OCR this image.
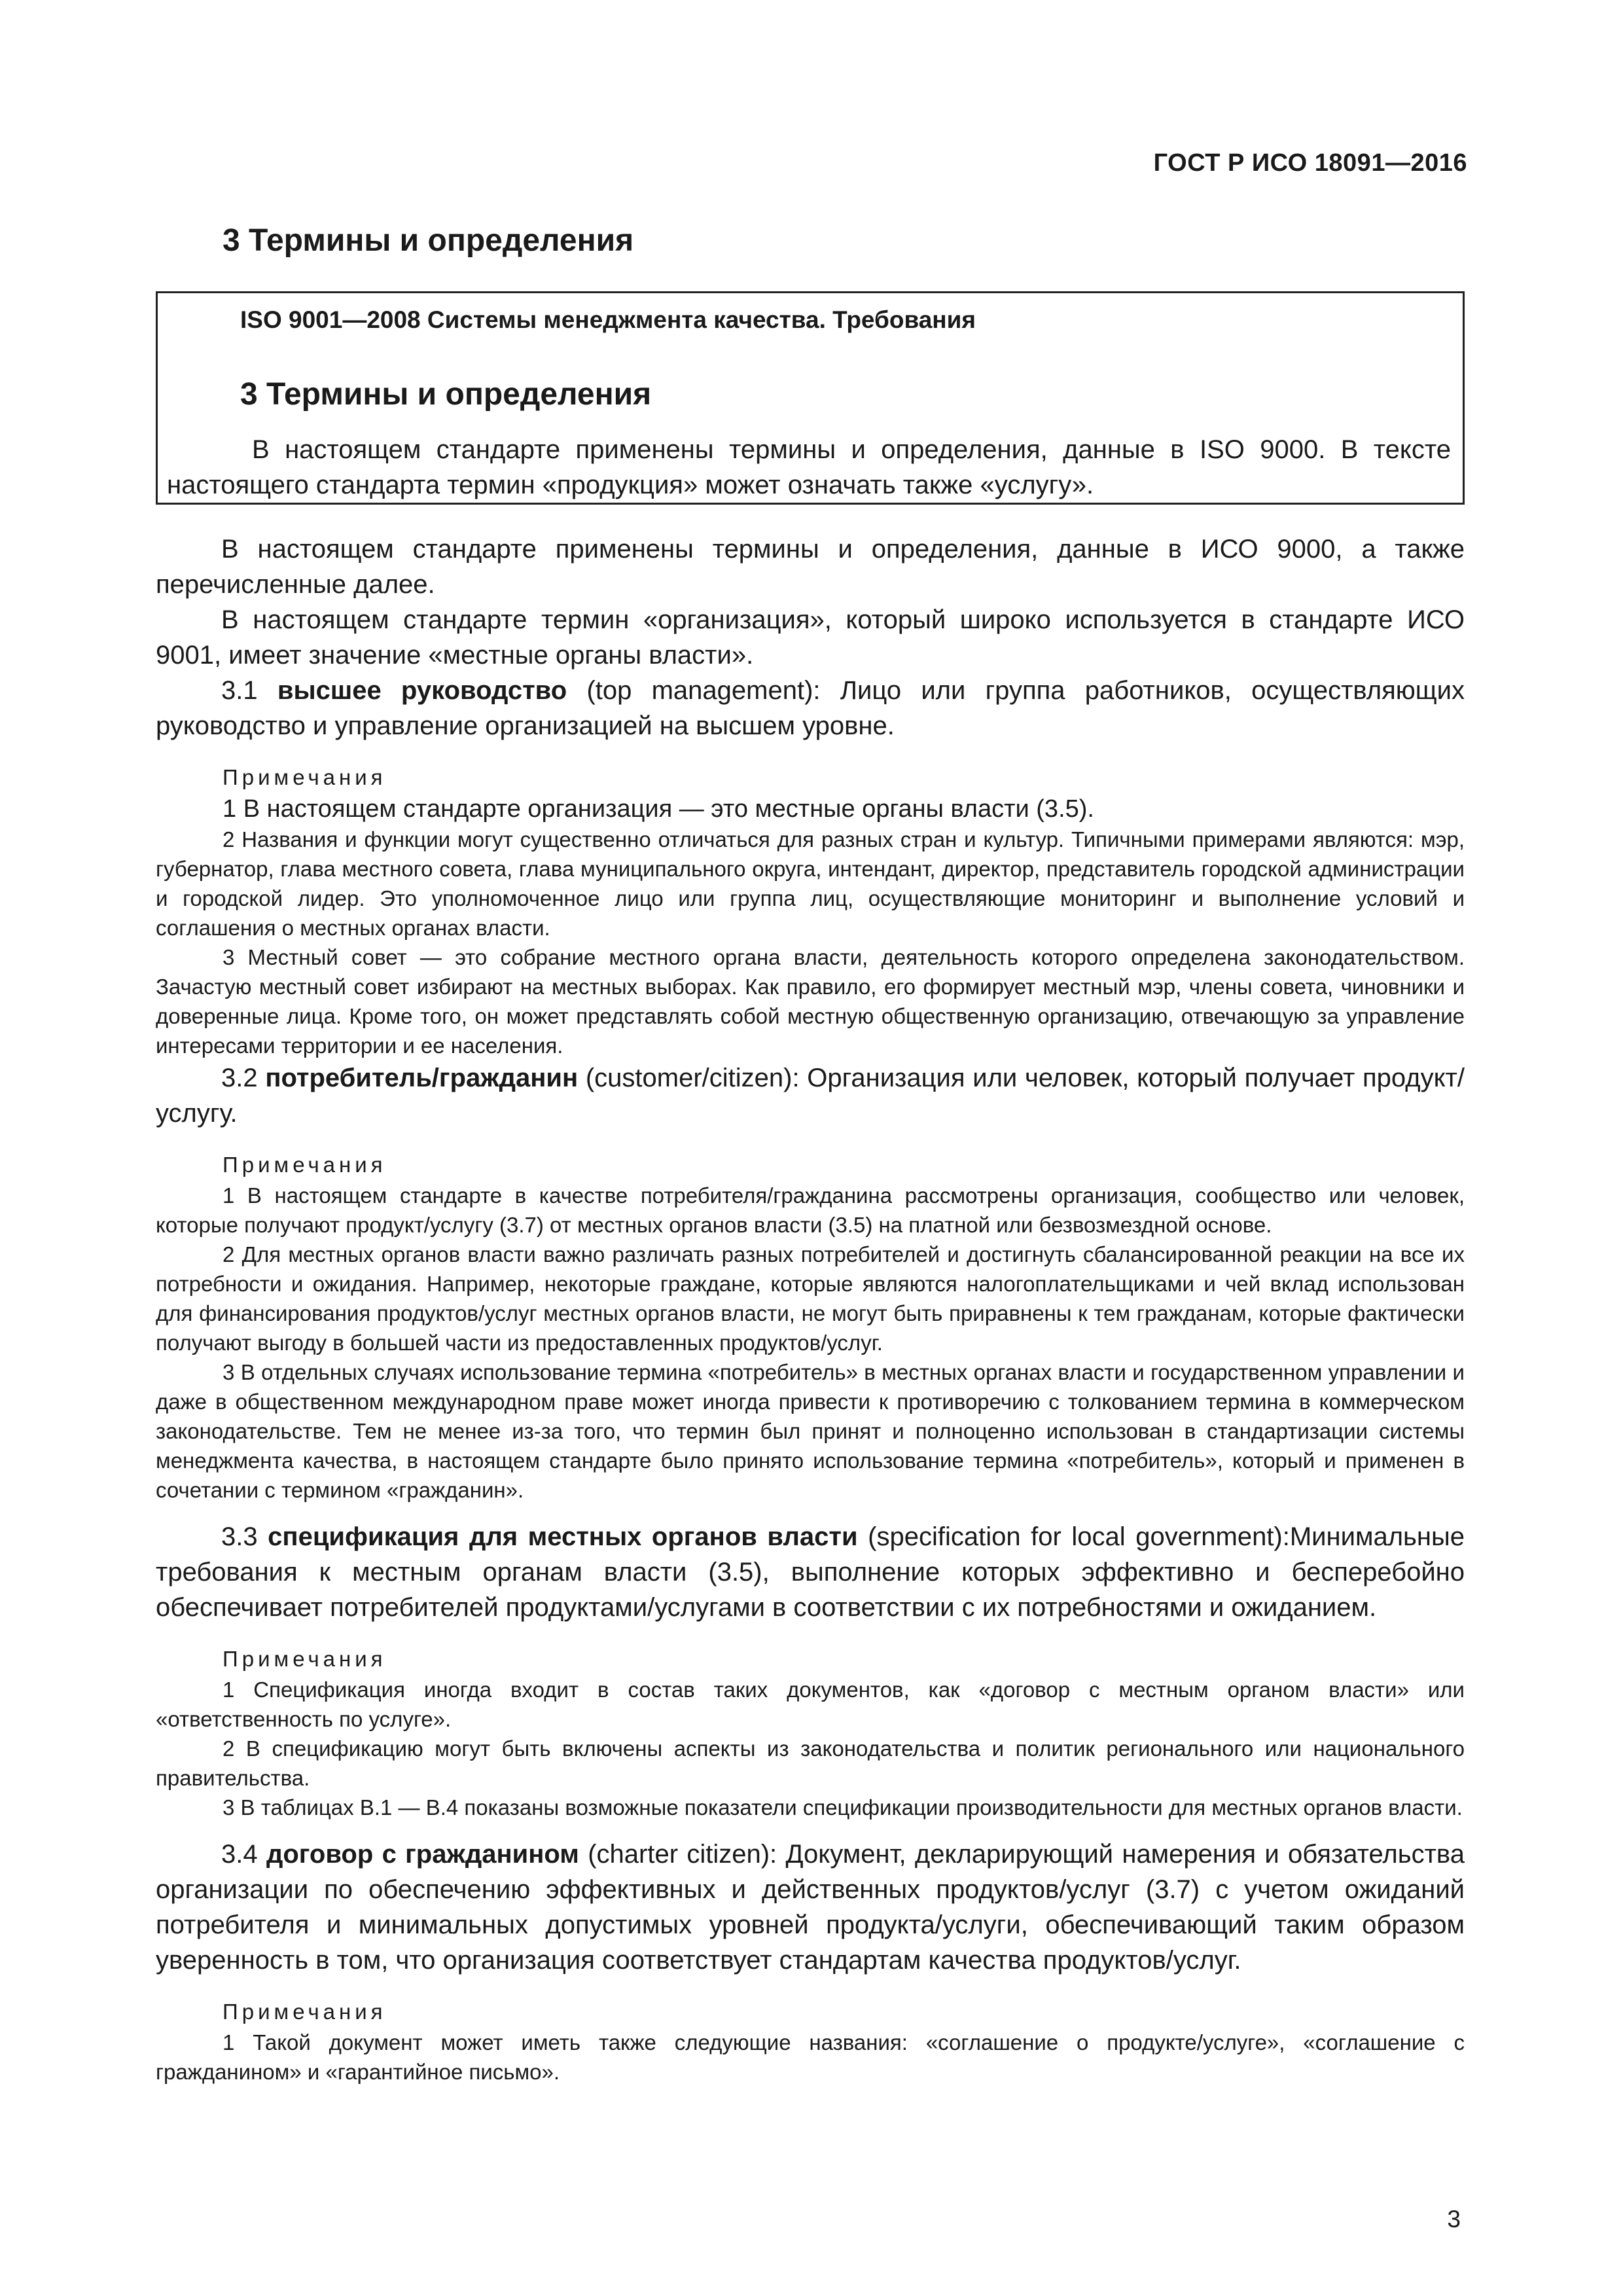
ГОСТ Р ИСО 18091—2016
3 Термины и определения

ISO 9001—2008 Системы менеджмента качества. Требования

3 Термины и определения

В настоящем стандарте применены термины и определения, данные в ISO 9000. В тексте настоящего стандарта термин «продукция» может означать также «услугу».

В настоящем стандарте применены термины и определения, данные в ИСО 9000, а также перечисленные далее.

В настоящем стандарте термин «организация», который широко используется в стандарте ИСО 9001, имеет значение «местные органы власти».

3.1 высшее руководство (top management): Лицо или группа работников, осуществляющих руководство и управление организацией на высшем уровне.

Примечания

1 В настоящем стандарте организация — это местные органы власти (3.5).

2 Названия и функции могут существенно отличаться для разных стран и культур. Типичными примерами являются: мэр, губернатор, глава местного совета, глава муниципального округа, интендант, директор, представитель городской администрации и городской лидер. Это уполномоченное лицо или группа лиц, осуществляющие мониторинг и выполнение условий и соглашения о местных органах власти.

3 Местный совет — это собрание местного органа власти, деятельность которого определена законодательством. Зачастую местный совет избирают на местных выборах. Как правило, его формирует местный мэр, члены совета, чиновники и доверенные лица. Кроме того, он может представлять собой местную общественную организацию, отвечающую за управление интересами территории и ее населения.

3.2 потребитель/гражданин (customer/citizen): Организация или человек, который получает продукт/услугу.

Примечания

1 В настоящем стандарте в качестве потребителя/гражданина рассмотрены организация, сообщество или человек, которые получают продукт/услугу (3.7) от местных органов власти (3.5) на платной или безвозмездной основе.

2 Для местных органов власти важно различать разных потребителей и достигнуть сбалансированной реакции на все их потребности и ожидания. Например, некоторые граждане, которые являются налогоплательщиками и чей вклад использован для финансирования продуктов/услуг местных органов власти, не могут быть приравнены к тем гражданам, которые фактически получают выгоду в большей части из предоставленных продуктов/услуг.

3 В отдельных случаях использование термина «потребитель» в местных органах власти и государственном управлении и даже в общественном международном праве может иногда привести к противоречию с толкованием термина в коммерческом законодательстве. Тем не менее из-за того, что термин был принят и полноценно использован в стандартизации системы менеджмента качества, в настоящем стандарте было принято использование термина «потребитель», который и применен в сочетании с термином «гражданин».

3.3 спецификация для местных органов власти (specification for local government):Минимальные требования к местным органам власти (3.5), выполнение которых эффективно и бесперебойно обеспечивает потребителей продуктами/услугами в соответствии с их потребностями и ожиданием.

Примечания

1 Спецификация иногда входит в состав таких документов, как «договор с местным органом власти» или «ответственность по услуге».

2 В спецификацию могут быть включены аспекты из законодательства и политик регионального или национального правительства.

3 В таблицах В.1 — В.4 показаны возможные показатели спецификации производительности для местных органов власти.

3.4 договор с гражданином (charter citizen): Документ, декларирующий намерения и обязательства организации по обеспечению эффективных и действенных продуктов/услуг (3.7) с учетом ожиданий потребителя и минимальных допустимых уровней продукта/услуги, обеспечивающий таким образом уверенность в том, что организация соответствует стандартам качества продуктов/услуг.

Примечания

1 Такой документ может иметь также следующие названия: «соглашение о продукте/услуге», «соглашение с гражданином» и «гарантийное письмо».

3
